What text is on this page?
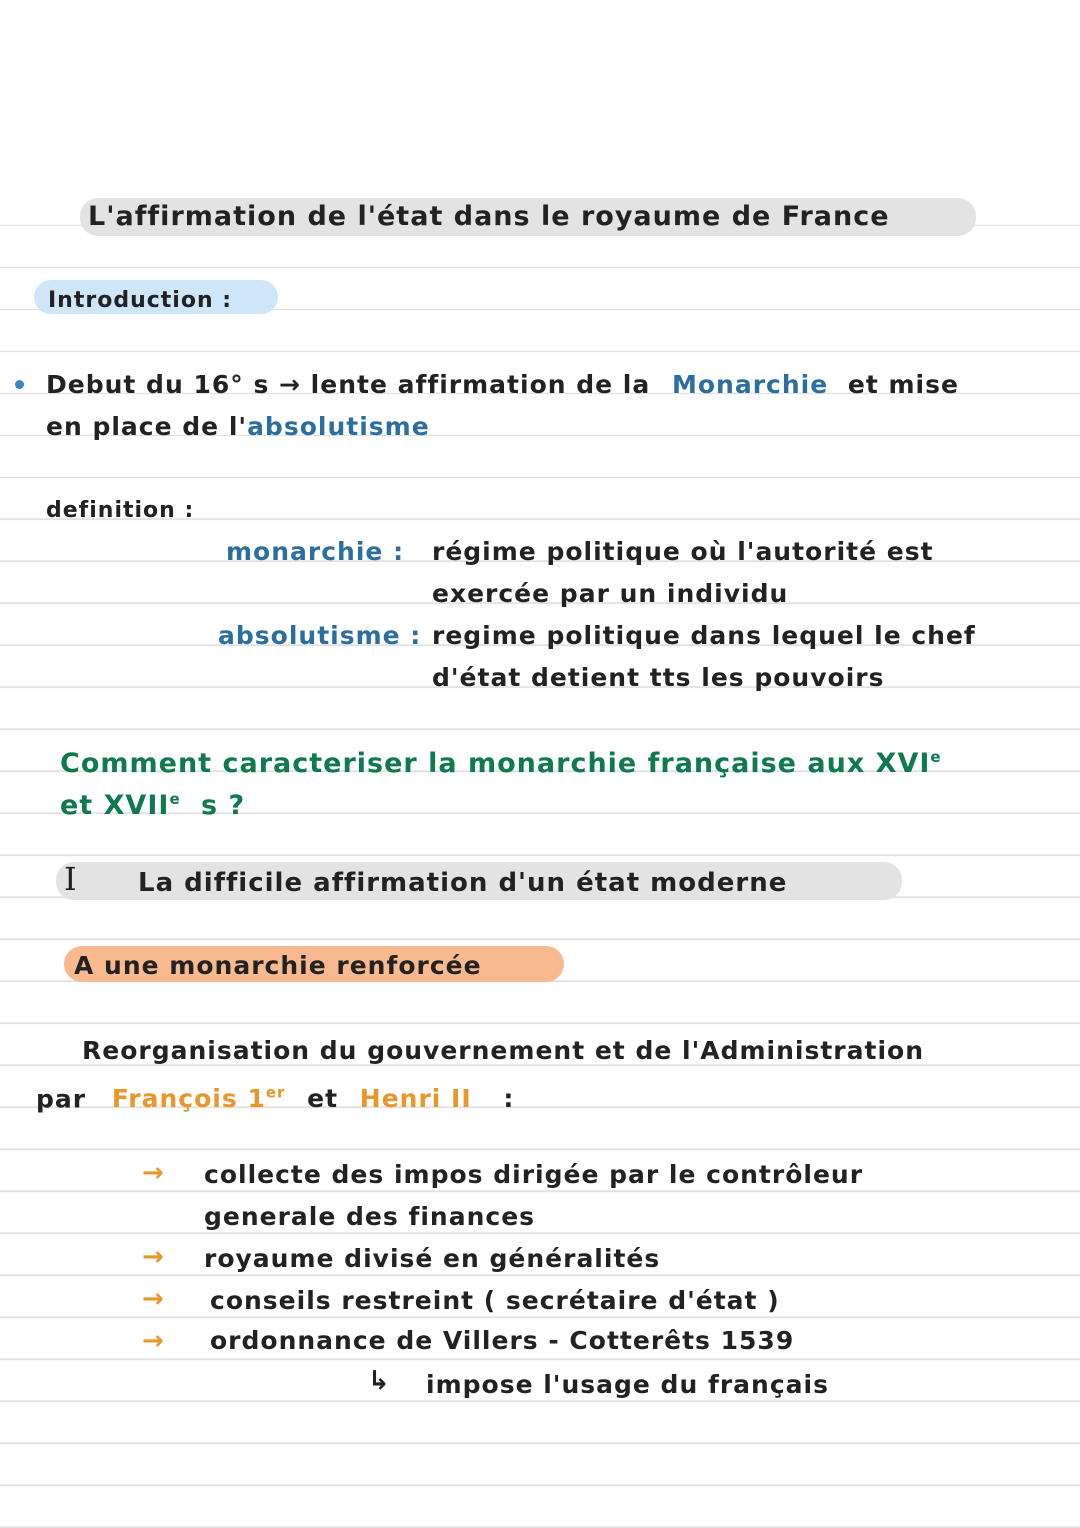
L'affirmation de l'état dans le royaume de France
Introduction :
Debut du 16° s → lente affirmation de la Monarchie et mise
en place de l'absolutisme
definition :
monarchie : régime politique où l'autorité est
exercée par un individu
absolutisme : regime politique dans lequel le chef
d'état detient tts les pouvoirs
Comment caracteriser la monarchie française aux XVIe
et XVIIe s ?
I La difficile affirmation d'un état moderne
A une monarchie renforcée
Reorganisation du gouvernement et de l'Administration
par François 1er et Henri II :
→ collecte des impos dirigée par le contrôleur
generale des finances
→ royaume divisé en généralités
→ conseils restreint ( secrétaire d'état )
→ ordonnance de Villers - Cotterêts 1539
↳ impose l'usage du français
